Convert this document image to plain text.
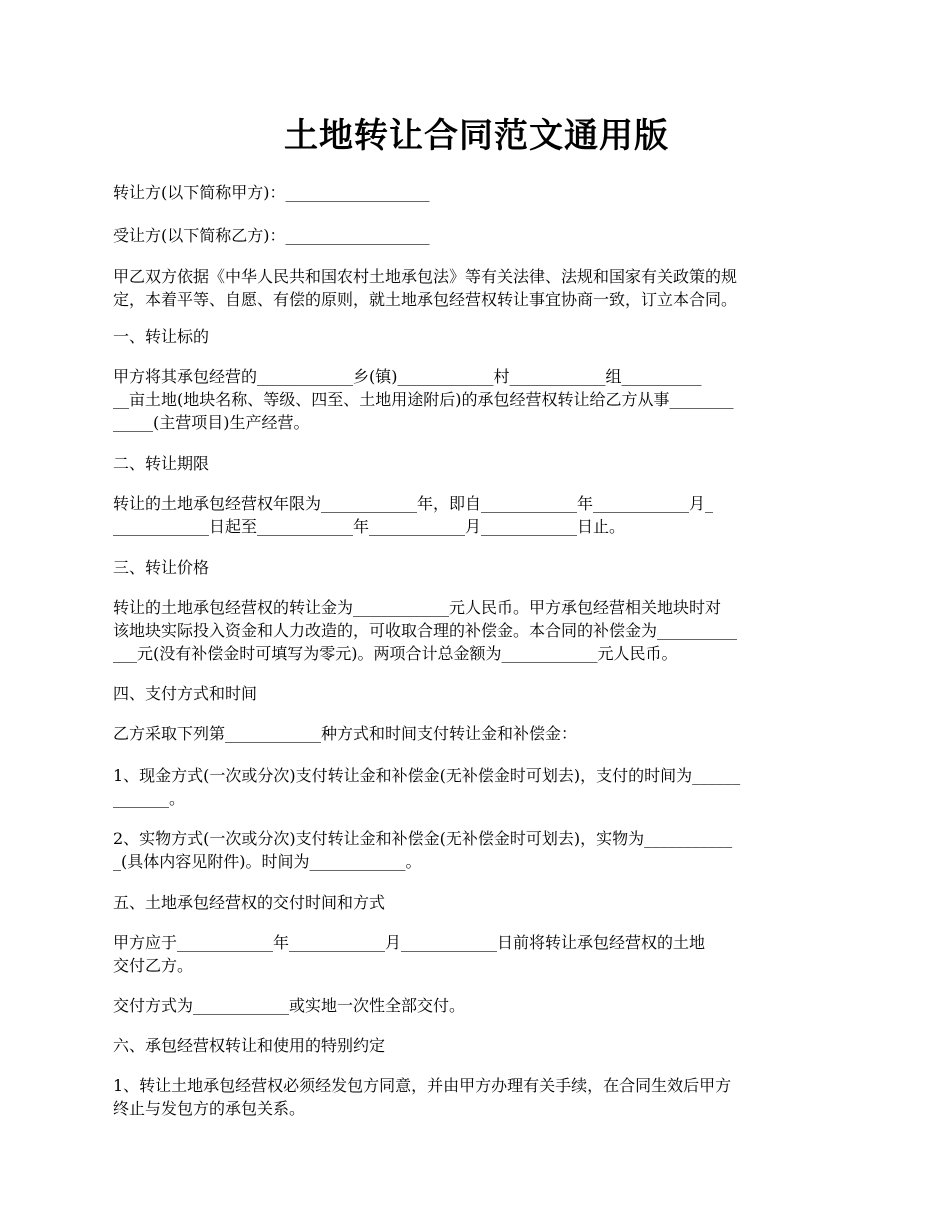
土地转让合同范文通用版

转让方(以下简称甲方)：__________________

受让方(以下简称乙方)：__________________

甲乙双方依据《中华人民共和国农村土地承包法》等有关法律、法规和国家有关政策的规
定，本着平等、自愿、有偿的原则，就土地承包经营权转让事宜协商一致，订立本合同。

一、转让标的

甲方将其承包经营的____________乡(镇)____________村____________组__________
__亩土地(地块名称、等级、四至、土地用途附后)的承包经营权转让给乙方从事________
_____(主营项目)生产经营。

二、转让期限

转让的土地承包经营权年限为____________年，即自____________年____________月_
____________日起至____________年____________月____________日止。

三、转让价格

转让的土地承包经营权的转让金为____________元人民币。甲方承包经营相关地块时对
该地块实际投入资金和人力改造的，可收取合理的补偿金。本合同的补偿金为__________
___元(没有补偿金时可填写为零元)。两项合计总金额为____________元人民币。

四、支付方式和时间

乙方采取下列第____________种方式和时间支付转让金和补偿金：

1、现金方式(一次或分次)支付转让金和补偿金(无补偿金时可划去)，支付的时间为______
_______。

2、实物方式(一次或分次)支付转让金和补偿金(无补偿金时可划去)，实物为___________
_(具体内容见附件)。时间为____________。

五、土地承包经营权的交付时间和方式

甲方应于____________年____________月____________日前将转让承包经营权的土地
交付乙方。

交付方式为____________或实地一次性全部交付。

六、承包经营权转让和使用的特别约定

1、转让土地承包经营权必须经发包方同意，并由甲方办理有关手续，在合同生效后甲方
终止与发包方的承包关系。
